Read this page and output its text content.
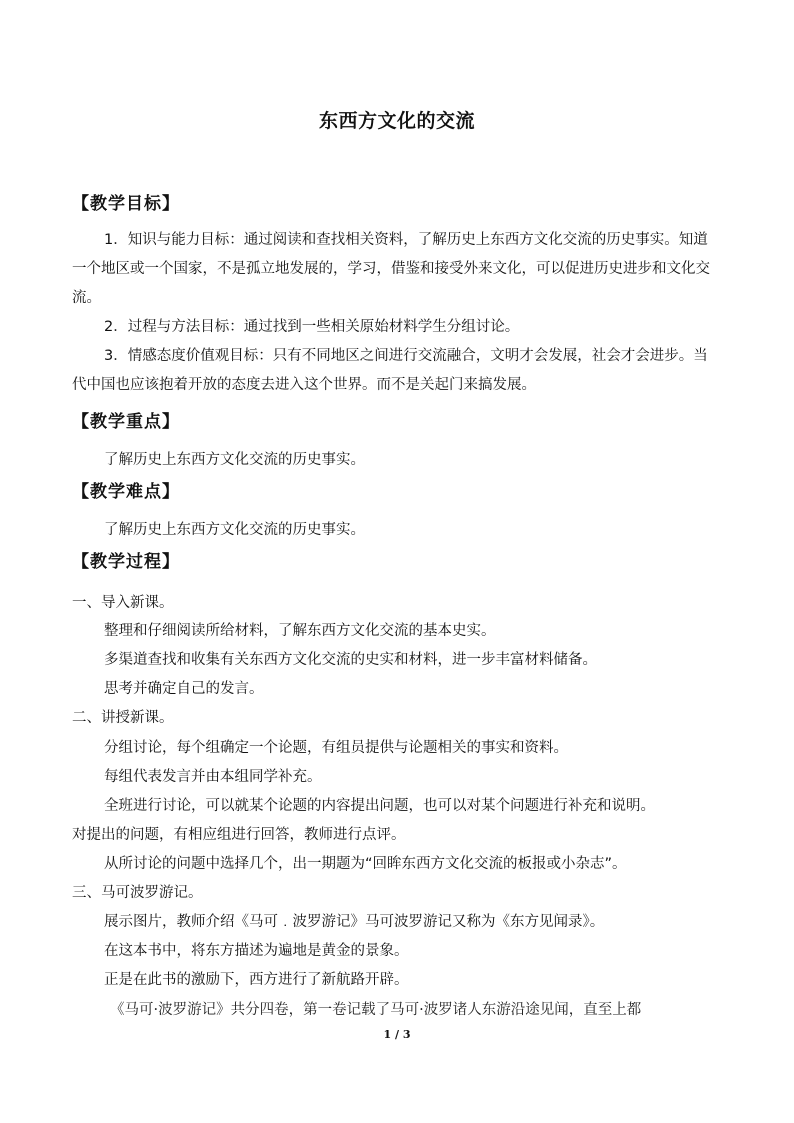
东西方文化的交流
【教学目标】

1．知识与能力目标：通过阅读和查找相关资料，了解历史上东西方文化交流的历史事实。知道一个地区或一个国家，不是孤立地发展的，学习，借鉴和接受外来文化，可以促进历史进步和文化交流。

2．过程与方法目标：通过找到一些相关原始材料学生分组讨论。

3．情感态度价值观目标：只有不同地区之间进行交流融合，文明才会发展，社会才会进步。当代中国也应该抱着开放的态度去进入这个世界。而不是关起门来搞发展。

【教学重点】
了解历史上东西方文化交流的历史事实。
【教学难点】
了解历史上东西方文化交流的历史事实。
【教学过程】
一、导入新课。
整理和仔细阅读所给材料，了解东西方文化交流的基本史实。
多渠道查找和收集有关东西方文化交流的史实和材料，进一步丰富材料储备。
思考并确定自己的发言。
二、讲授新课。
分组讨论，每个组确定一个论题，有组员提供与论题相关的事实和资料。
每组代表发言并由本组同学补充。
全班进行讨论，可以就某个论题的内容提出问题，也可以对某个问题进行补充和说明。
对提出的问题，有相应组进行回答，教师进行点评。
从所讨论的问题中选择几个，出一期题为“回眸东西方文化交流的板报或小杂志”。
三、马可波罗游记。
展示图片，教师介绍《马可﹒波罗游记》马可波罗游记又称为《东方见闻录》。
在这本书中，将东方描述为遍地是黄金的景象。
正是在此书的激励下，西方进行了新航路开辟。
《马可·波罗游记》共分四卷，第一卷记载了马可·波罗诸人东游沿途见闻，直至上都
1 / 3
